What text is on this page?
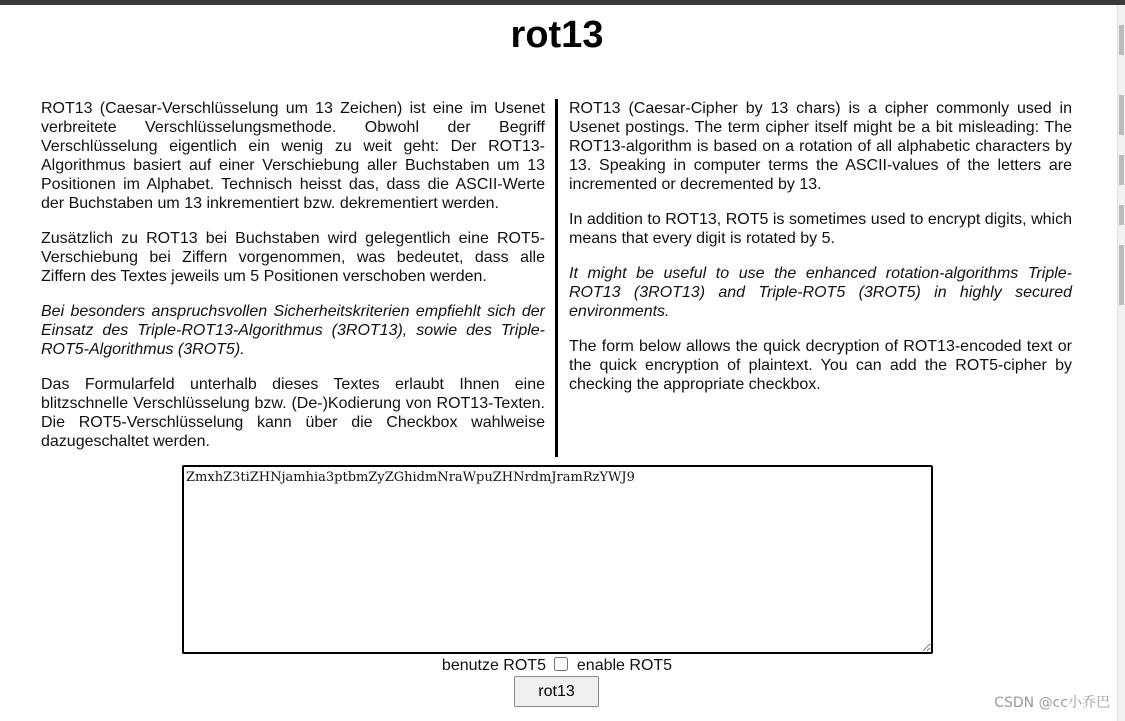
rot13

ROT13 (Caesar-Verschlüsselung um 13 Zeichen) ist eine im Usenet verbreitete Verschlüsselungsmethode. Obwohl der Begriff Verschlüsselung eigentlich ein wenig zu weit geht: Der ROT13-Algorithmus basiert auf einer Verschiebung aller Buchstaben um 13 Positionen im Alphabet. Technisch heisst das, dass die ASCII-Werte der Buchstaben um 13 inkrementiert bzw. dekrementiert werden.

Zusätzlich zu ROT13 bei Buchstaben wird gelegentlich eine ROT5-Verschiebung bei Ziffern vorgenommen, was bedeutet, dass alle Ziffern des Textes jeweils um 5 Positionen verschoben werden.

Bei besonders anspruchsvollen Sicherheitskriterien empfiehlt sich der Einsatz des Triple-ROT13-Algorithmus (3ROT13), sowie des Triple-ROT5-Algorithmus (3ROT5).

Das Formularfeld unterhalb dieses Textes erlaubt Ihnen eine blitzschnelle Verschlüsselung bzw. (De-)Kodierung von ROT13-Texten. Die ROT5-Verschlüsselung kann über die Checkbox wahlweise dazugeschaltet werden.

ROT13 (Caesar-Cipher by 13 chars) is a cipher commonly used in Usenet postings. The term cipher itself might be a bit misleading: The ROT13-algorithm is based on a rotation of all alphabetic characters by 13. Speaking in computer terms the ASCII-values of the letters are incremented or decremented by 13.

In addition to ROT13, ROT5 is sometimes used to encrypt digits, which means that every digit is rotated by 5.

It might be useful to use the enhanced rotation-algorithms Triple-ROT13 (3ROT13) and Triple-ROT5 (3ROT5) in highly secured environments.

The form below allows the quick decryption of ROT13-encoded text or the quick encryption of plaintext. You can add the ROT5-cipher by checking the appropriate checkbox.

ZmxhZ3tiZHNjamhia3ptbmZyZGhidmNraWpuZHNrdmJramRzYWJ9
benutze ROT5 enable ROT5
rot13
CSDN @cc小乔巴
